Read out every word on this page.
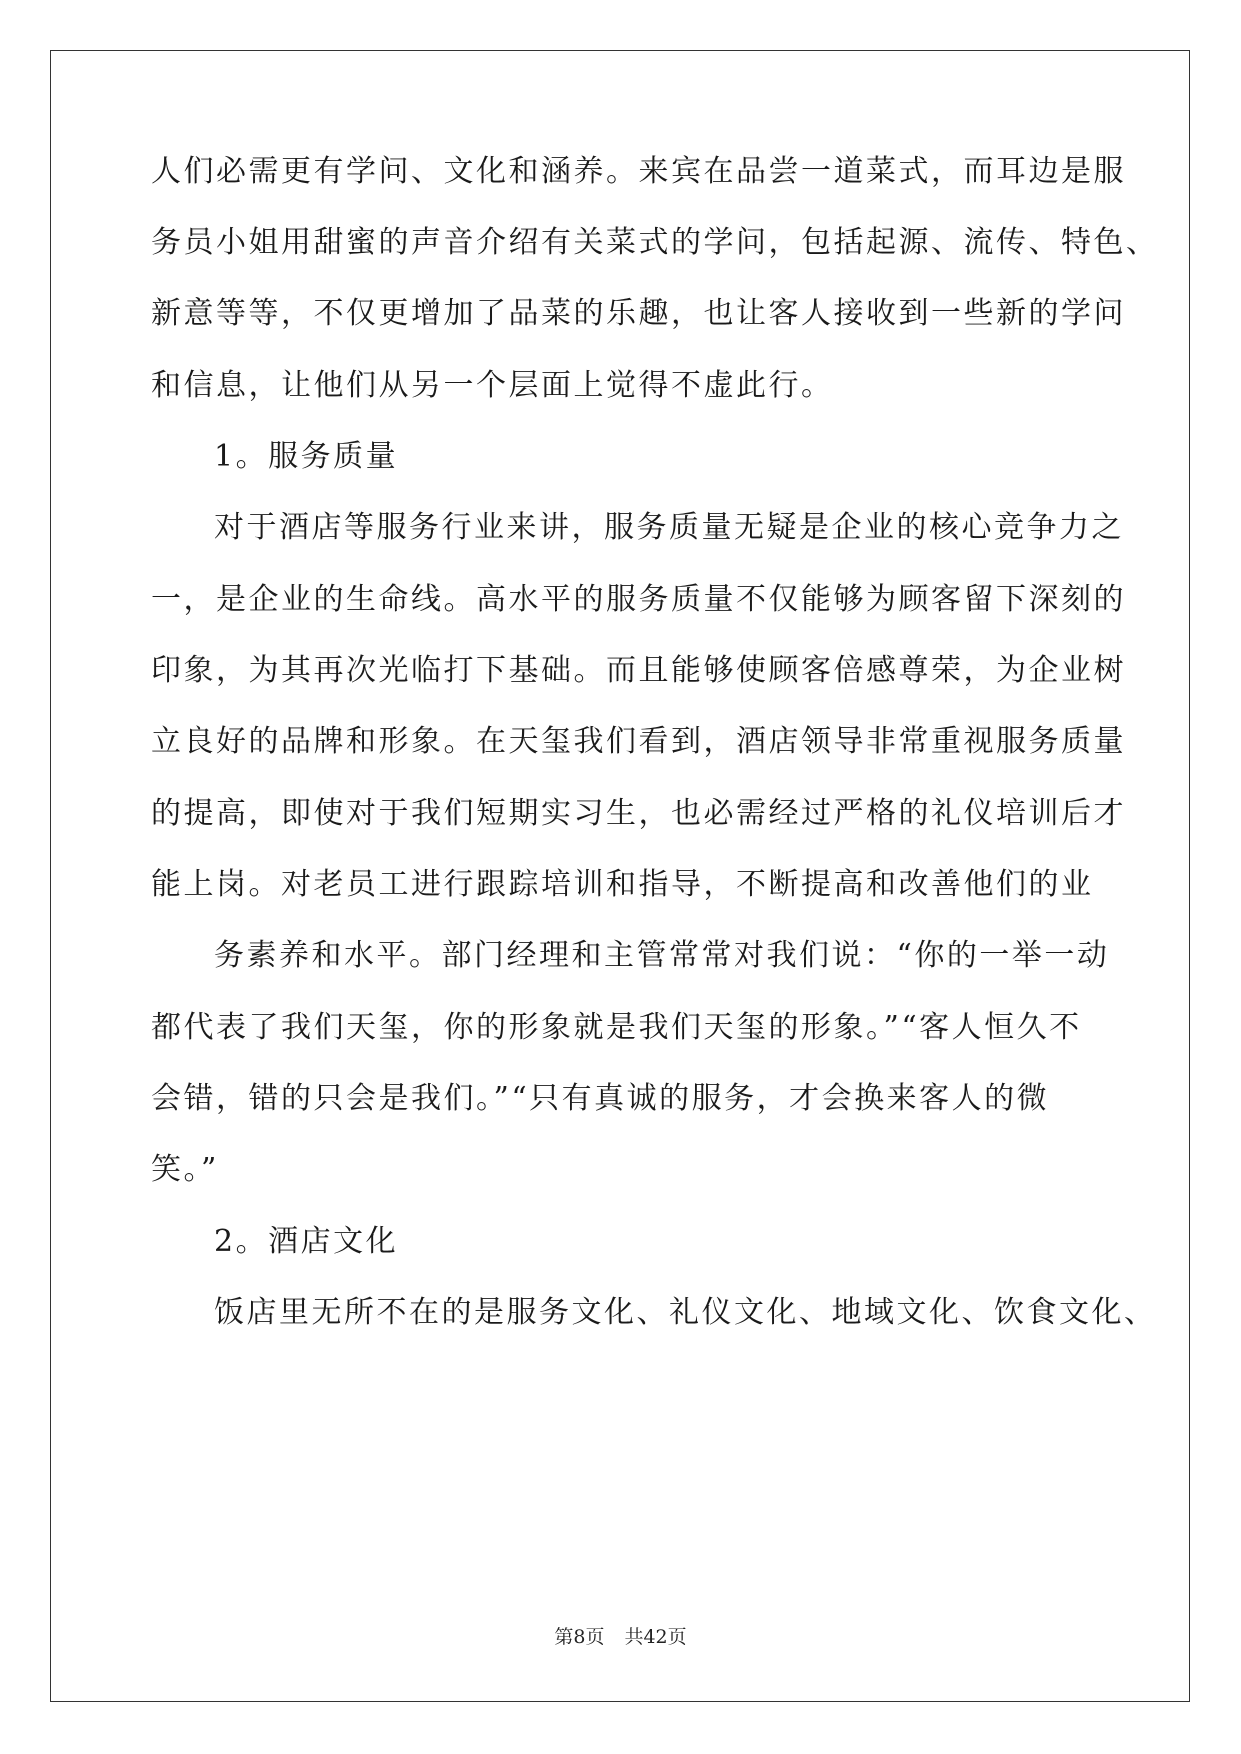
人们必需更有学问、文化和涵养。来宾在品尝一道菜式，而耳边是服
务员小姐用甜蜜的声音介绍有关菜式的学问，包括起源、流传、特色、
新意等等，不仅更增加了品菜的乐趣，也让客人接收到一些新的学问
和信息，让他们从另一个层面上觉得不虚此行。
1。服务质量
对于酒店等服务行业来讲，服务质量无疑是企业的核心竞争力之
一，是企业的生命线。高水平的服务质量不仅能够为顾客留下深刻的
印象，为其再次光临打下基础。而且能够使顾客倍感尊荣，为企业树
立良好的品牌和形象。在天玺我们看到，酒店领导非常重视服务质量
的提高，即使对于我们短期实习生，也必需经过严格的礼仪培训后才
能上岗。对老员工进行跟踪培训和指导，不断提高和改善他们的业
务素养和水平。部门经理和主管常常对我们说：“你的一举一动
都代表了我们天玺，你的形象就是我们天玺的形象。”“客人恒久不
会错，错的只会是我们。”“只有真诚的服务，才会换来客人的微
笑。”
2。酒店文化
饭店里无所不在的是服务文化、礼仪文化、地域文化、饮食文化、
第8页 共42页
